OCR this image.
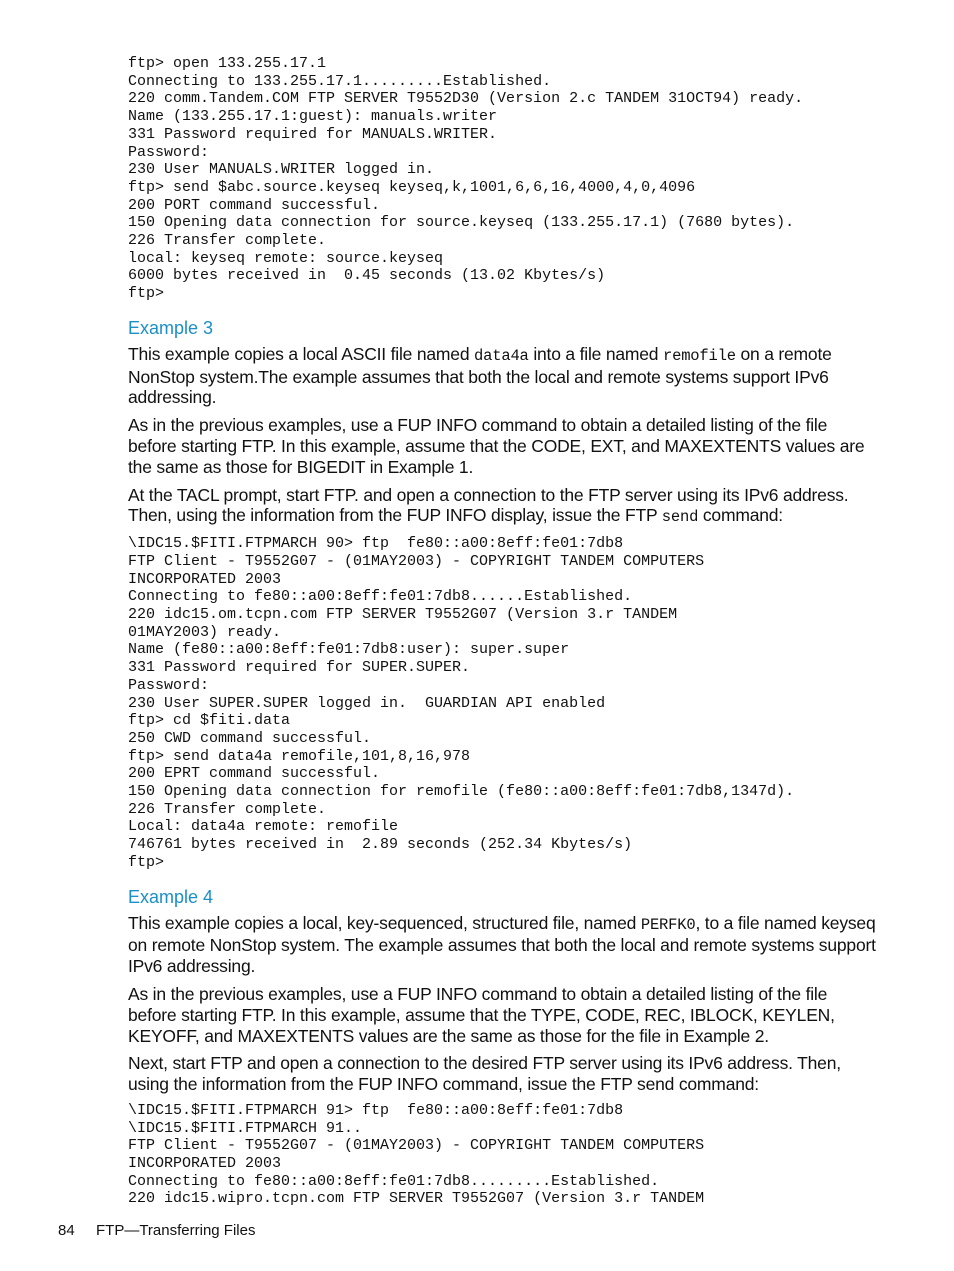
ftp> open 133.255.17.1
Connecting to 133.255.17.1.........Established.
220 comm.Tandem.COM FTP SERVER T9552D30 (Version 2.c TANDEM 31OCT94) ready.
Name (133.255.17.1:guest): manuals.writer
331 Password required for MANUALS.WRITER.
Password:
230 User MANUALS.WRITER logged in.
ftp> send $abc.source.keyseq keyseq,k,1001,6,6,16,4000,4,0,4096
200 PORT command successful.
150 Opening data connection for source.keyseq (133.255.17.1) (7680 bytes).
226 Transfer complete.
local: keyseq remote: source.keyseq
6000 bytes received in  0.45 seconds (13.02 Kbytes/s)
ftp>
Example 3

This example copies a local ASCII file named data4a into a file named remofile on a remote NonStop system.The example assumes that both the local and remote systems support IPv6 addressing.

As in the previous examples, use a FUP INFO command to obtain a detailed listing of the file before starting FTP. In this example, assume that the CODE, EXT, and MAXEXTENTS values are the same as those for BIGEDIT in Example 1.

At the TACL prompt, start FTP. and open a connection to the FTP server using its IPv6 address. Then, using the information from the FUP INFO display, issue the FTP send command:

\IDC15.$FITI.FTPMARCH 90> ftp  fe80::a00:8eff:fe01:7db8
FTP Client - T9552G07 - (01MAY2003) - COPYRIGHT TANDEM COMPUTERS
INCORPORATED 2003
Connecting to fe80::a00:8eff:fe01:7db8......Established.
220 idc15.om.tcpn.com FTP SERVER T9552G07 (Version 3.r TANDEM
01MAY2003) ready.
Name (fe80::a00:8eff:fe01:7db8:user): super.super
331 Password required for SUPER.SUPER.
Password:
230 User SUPER.SUPER logged in.  GUARDIAN API enabled
ftp> cd $fiti.data
250 CWD command successful.
ftp> send data4a remofile,101,8,16,978
200 EPRT command successful.
150 Opening data connection for remofile (fe80::a00:8eff:fe01:7db8,1347d).
226 Transfer complete.
Local: data4a remote: remofile
746761 bytes received in  2.89 seconds (252.34 Kbytes/s)
ftp>
Example 4

This example copies a local, key-sequenced, structured file, named PERFK0, to a file named keyseq on remote NonStop system. The example assumes that both the local and remote systems support IPv6 addressing.

As in the previous examples, use a FUP INFO command to obtain a detailed listing of the file before starting FTP. In this example, assume that the TYPE, CODE, REC, IBLOCK, KEYLEN, KEYOFF, and MAXEXTENTS values are the same as those for the file in Example 2.

Next, start FTP and open a connection to the desired FTP server using its IPv6 address. Then, using the information from the FUP INFO command, issue the FTP send command:

\IDC15.$FITI.FTPMARCH 91> ftp  fe80::a00:8eff:fe01:7db8
\IDC15.$FITI.FTPMARCH 91..
FTP Client - T9552G07 - (01MAY2003) - COPYRIGHT TANDEM COMPUTERS
INCORPORATED 2003
Connecting to fe80::a00:8eff:fe01:7db8.........Established.
220 idc15.wipro.tcpn.com FTP SERVER T9552G07 (Version 3.r TANDEM
84 FTP—Transferring Files
